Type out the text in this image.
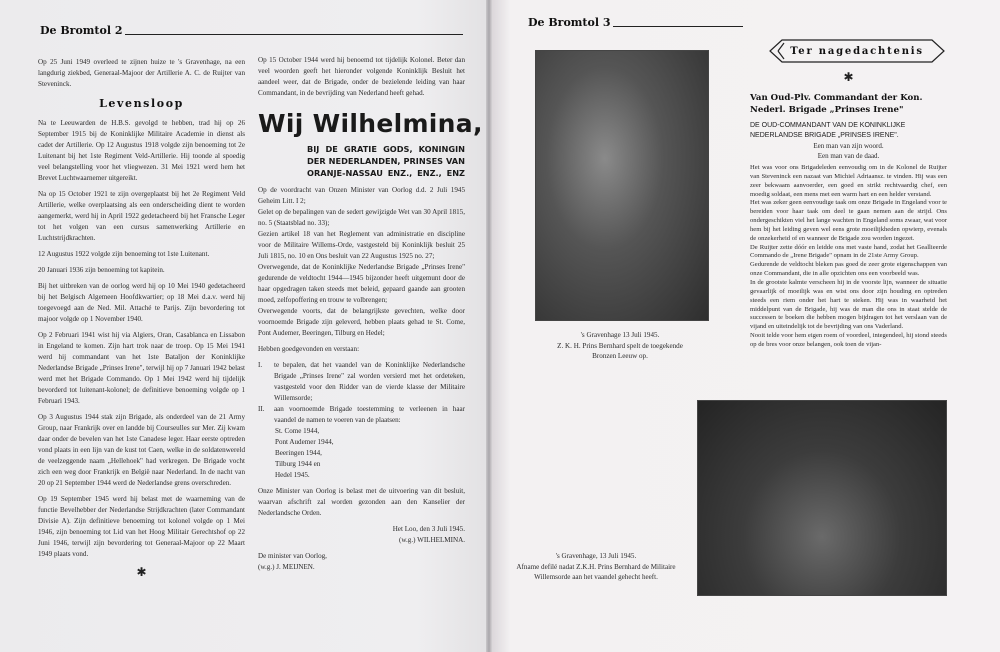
De Bromtol 2
Op 25 Juni 1949 overleed te zijnen huize te 's Gravenhage, na een langdurig ziekbed, Generaal-Majoor der Artillerie A. C. de Ruijter van Steveninck.
Levensloop
Na te Leeuwarden de H.B.S. gevolgd te hebben, trad hij op 26 September 1915 bij de Koninklijke Militaire Academie in dienst als cadet der Artillerie. Op 12 Augustus 1918 volgde zijn benoeming tot 2e Luitenant bij het 1ste Regiment Veld-Artillerie. Hij toonde al spoedig veel belangstelling voor het vliegwezen. 31 Mei 1921 werd hem het Brevet Luchtwaarnemer uitgereikt.
Na op 15 October 1921 te zijn overgeplaatst bij het 2e Regiment Veld Artillerie, welke overplaatsing als een onderscheiding dient te worden aangemerkt, werd hij in April 1922 gedetacheerd bij het Fransche Leger tot het volgen van een cursus samenwerking Artillerie en Luchtstrijdkrachten.
12 Augustus 1922 volgde zijn benoeming tot 1ste Luitenant.
20 Januari 1936 zijn benoeming tot kapitein.
Bij het uitbreken van de oorlog werd hij op 10 Mei 1940 gedetacheerd bij het Belgisch Algemeen Hoofdkwartier; op 18 Mei d.a.v. werd hij toegevoegd aan de Ned. Mil. Attaché te Parijs. Zijn bevordering tot majoor volgde op 1 November 1940.
Op 2 Februari 1941 wist hij via Algiers, Oran, Casablanca en Lissabon in Engeland te komen. Zijn hart trok naar de troep. Op 15 Mei 1941 werd hij commandant van het 1ste Bataljon der Koninklijke Nederlandse Brigade „Prinses Irene", terwijl hij op 7 Januari 1942 belast werd met het Brigade Commando. Op 1 Mei 1942 werd hij tijdelijk bevorderd tot luitenant-kolonel; de definitieve benoeming volgde op 1 Februari 1943.
Op 3 Augustus 1944 stak zijn Brigade, als onderdeel van de 21 Army Group, naar Frankrijk over en landde bij Courseulles sur Mer. Zij kwam daar onder de bevelen van het 1ste Canadese leger. Haar eerste optreden vond plaats in een lijn van de kust tot Caen, welke in de soldatenwereld de veelzeggende naam „Hellehoek" had verkregen. De Brigade vocht zich een weg door Frankrijk en België naar Nederland. In de nacht van 20 op 21 September 1944 werd de Nederlandse grens overschreden.
Op 19 September 1945 werd hij belast met de waarneming van de functie Bevelhebber der Nederlandse Strijdkrachten (later Commandant Divisie A). Zijn definitieve benoeming tot kolonel volgde op 1 Mei 1946, zijn benoeming tot Lid van het Hoog Militair Gerechtshof op 22 Juni 1946, terwijl zijn bevordering tot Generaal-Majoor op 22 Maart 1949 plaats vond.
✱
Op 15 October 1944 werd hij benoemd tot tijdelijk Kolonel. Beter dan veel woorden geeft het hieronder volgende Koninklijk Besluit het aandeel weer, dat de Brigade, onder de bezielende leiding van haar Commandant, in de bevrijding van Nederland heeft gehad.
Wij Wilhelmina,
BIJ DE GRATIE GODS, KONINGIN DER NEDERLANDEN, PRINSES VAN ORANJE-NASSAU ENZ., ENZ., ENZ
Op de voordracht van Onzen Minister van Oorlog d.d. 2 Juli 1945 Geheim Litt. I 2;
Gelet op de bepalingen van de sedert gewijzigde Wet van 30 April 1815, no. 5 (Staatsblad no. 33);
Gezien artikel 18 van het Reglement van administratie en discipline voor de Militaire Willems-Orde, vastgesteld bij Koninklijk besluit 25 Juli 1815, no. 10 en Ons besluit van 22 Augustus 1925 no. 27;
Overwegende, dat de Koninklijke Nederlandse Brigade „Prinses Irene" gedurende de veldtocht 1944—1945 bijzonder heeft uitgemunt door de haar opgedragen taken steeds met beleid, gepaard gaande aan grooten moed, zelfopoffering en trouw te volbrengen;
Overwegende voorts, dat de belangrijkste gevechten, welke door voornoemde Brigade zijn geleverd, hebben plaats gehad te St. Come, Pont Audemer, Beeringen, Tilburg en Hedel;
Hebben goedgevonden en verstaan:
I.	te bepalen, dat het vaandel van de Koninklijke Nederlandsche Brigade „Prinses Irene" zal worden versierd met het ordeteken, vastgesteld voor den Ridder van de vierde klasse der Militaire Willemsorde;
II.	aan voornoemde Brigade toestemming te verleenen in haar vaandel de namen te voeren van de plaatsen:
St. Come 1944,
Pont Audemer 1944,
Beeringen 1944,
Tilburg 1944 en
Hedel 1945.
Onze Minister van Oorlog is belast met de uitvoering van dit besluit, waarvan afschrift zal worden gezonden aan den Kanselier der Nederlandsche Orden.
Het Loo, den 3 Juli 1945.
(w.g.) WILHELMINA.
De minister van Oorlog,
(w.g.) J. MEIJNEN.
De Bromtol 3
's Gravenhage 13 Juli 1945.
Z. K. H. Prins Bernhard spelt de toegekende Bronzen Leeuw op.
's Gravenhage, 13 Juli 1945.
Afname defilé nadat Z.K.H. Prins Bernhard de Militaire Willemsorde aan het vaandel gehecht heeft.
Ter nagedachtenis
✱
Van Oud-Plv. Commandant der Kon. Nederl. Brigade „Prinses Irene"
DE OUD-COMMANDANT VAN DE KONINKLIJKE NEDERLANDSE BRIGADE „PRINSES IRENE".
Een man van zijn woord.
Een man van de daad.
Het was voor ons Brigadeleden eenvoudig om in de Kolonel de Ruijter van Steveninck een nazaat van Michiel Adriaansz. te vinden. Hij was een zeer bekwaam aanvoerder, een goed en strikt rechtvaardig chef, een moedig soldaat, een mens met een warm hart en een helder verstand.
Het was zeker geen eenvoudige taak om onze Brigade in Engeland voor te bereiden voor haar taak om deel te gaan nemen aan de strijd. Ons ondergeschikten viel het lange wachten in Engeland soms zwaar, wat voor hem bij het leiding geven wel eens grote moeilijkheden opwierp, evenals de onzekerheid of en wanneer de Brigade zou worden ingezet.
De Ruijter zette dóór en leidde ons met vaste hand, zodat het Geallieerde Commando de „Irene Brigade" opnam in de 21ste Army Group.
Gedurende de veldtocht bleken pas goed de zeer grote eigenschappen van onze Commandant, die in alle opzichten ons een voorbeeld was.
In de grootste kalmte verscheen hij in de voorste lijn, wanneer de situatie gevaarlijk of moeilijk was en wist ons door zijn houding en optreden steeds een riem onder het hart te steken. Hij was in waarheid het middelpunt van de Brigade, hij was de man die ons in staat stelde de successen te boeken die hebben mogen bijdragen tot het verslaan van de vijand en uiteindelijk tot de bevrijding van ons Vaderland.
Nooit telde voor hem eigen roem of voordeel, integendeel, hij stond steeds op de bres voor onze belangen, ook toen de vijan-
